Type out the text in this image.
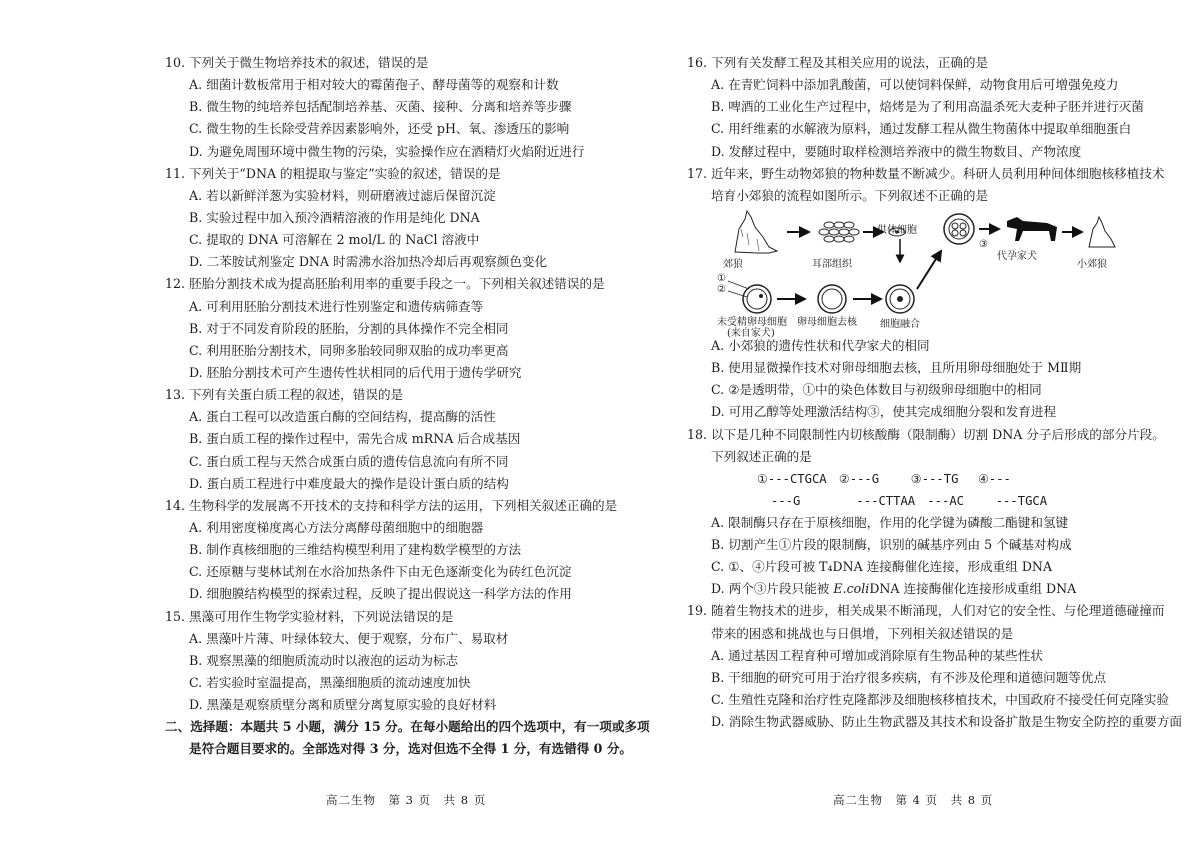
10. 下列关于微生物培养技术的叙述，错误的是
A. 细菌计数板常用于相对较大的霉菌孢子、酵母菌等的观察和计数
B. 微生物的纯培养包括配制培养基、灭菌、接种、分离和培养等步骤
C. 微生物的生长除受营养因素影响外，还受 pH、氧、渗透压的影响
D. 为避免周围环境中微生物的污染，实验操作应在酒精灯火焰附近进行
11. 下列关于“DNA 的粗提取与鉴定”实验的叙述，错误的是
A. 若以新鲜洋葱为实验材料，则研磨液过滤后保留沉淀
B. 实验过程中加入预冷酒精溶液的作用是纯化 DNA
C. 提取的 DNA 可溶解在 2 mol/L 的 NaCl 溶液中
D. 二苯胺试剂鉴定 DNA 时需沸水浴加热冷却后再观察颜色变化
12. 胚胎分割技术成为提高胚胎利用率的重要手段之一。下列相关叙述错误的是
A. 可利用胚胎分割技术进行性别鉴定和遗传病筛查等
B. 对于不同发育阶段的胚胎，分割的具体操作不完全相同
C. 利用胚胎分割技术，同卵多胎较同卵双胎的成功率更高
D. 胚胎分割技术可产生遗传性状相同的后代用于遗传学研究
13. 下列有关蛋白质工程的叙述，错误的是
A. 蛋白工程可以改造蛋白酶的空间结构，提高酶的活性
B. 蛋白质工程的操作过程中，需先合成 mRNA 后合成基因
C. 蛋白质工程与天然合成蛋白质的遗传信息流向有所不同
D. 蛋白质工程进行中难度最大的操作是设计蛋白质的结构
14. 生物科学的发展离不开技术的支持和科学方法的运用，下列相关叙述正确的是
A. 利用密度梯度离心方法分离酵母菌细胞中的细胞器
B. 制作真核细胞的三维结构模型利用了建构数学模型的方法
C. 还原糖与斐林试剂在水浴加热条件下由无色逐渐变化为砖红色沉淀
D. 细胞膜结构模型的探索过程，反映了提出假说这一科学方法的作用
15. 黑藻可用作生物学实验材料，下列说法错误的是
A. 黑藻叶片薄、叶绿体较大、便于观察，分布广、易取材
B. 观察黑藻的细胞质流动时以液泡的运动为标志
C. 若实验时室温提高，黑藻细胞质的流动速度加快
D. 黑藻是观察质壁分离和质壁分离复原实验的良好材料
二、选择题：本题共 5 小题，满分 15 分。在每小题给出的四个选项中，有一项或多项
是符合题目要求的。全部选对得 3 分，选对但选不全得 1 分，有选错得 0 分。
高二生物　第 3 页　共 8 页
16. 下列有关发酵工程及其相关应用的说法，正确的是
A. 在青贮饲料中添加乳酸菌，可以使饲料保鲜，动物食用后可增强免疫力
B. 啤酒的工业化生产过程中，焙烤是为了利用高温杀死大麦种子胚并进行灭菌
C. 用纤维素的水解液为原料，通过发酵工程从微生物菌体中提取单细胞蛋白
D. 发酵过程中，要随时取样检测培养液中的微生物数目、产物浓度
17. 近年来，野生动物郊狼的物种数量不断减少。科研人员利用种间体细胞核移植技术
培育小郊狼的流程如图所示。下列叙述不正确的是
郊狼	耳部组织
供体细胞
③
代孕家犬
小郊狼
①
②
未受精卵母细胞
(来自家犬)
卵母细胞去核 细胞融合
A. 小郊狼的遗传性状和代孕家犬的相同
B. 使用显微操作技术对卵母细胞去核，且所用卵母细胞处于 MⅡ期
C. ②是透明带，①中的染色体数目与初级卵母细胞中的相同
D. 可用乙醇等处理激活结构③，使其完成细胞分裂和发育进程
18. 以下是几种不同限制性内切核酸酶（限制酶）切割 DNA 分子后形成的部分片段。
下列叙述正确的是
①---CTGCA　②---G　　 ③---TG　 ④---
---G　　　　 ---CTTAA　---AC　　 ---TGCA
A. 限制酶只存在于原核细胞，作用的化学键为磷酸二酯键和氢键
B. 切割产生①片段的限制酶，识别的碱基序列由 5 个碱基对构成
C. ①、④片段可被 T₄DNA 连接酶催化连接，形成重组 DNA
D. 两个③片段只能被 E.coliDNA 连接酶催化连接形成重组 DNA
19. 随着生物技术的进步，相关成果不断涌现，人们对它的安全性、与伦理道德碰撞而
带来的困惑和挑战也与日俱增，下列相关叙述错误的是
A. 通过基因工程育种可增加或消除原有生物品种的某些性状
B. 干细胞的研究可用于治疗很多疾病，有不涉及伦理和道德问题等优点
C. 生殖性克隆和治疗性克隆都涉及细胞核移植技术，中国政府不接受任何克隆实验
D. 消除生物武器威胁、防止生物武器及其技术和设备扩散是生物安全防控的重要方面
高二生物　第 4 页　共 8 页
